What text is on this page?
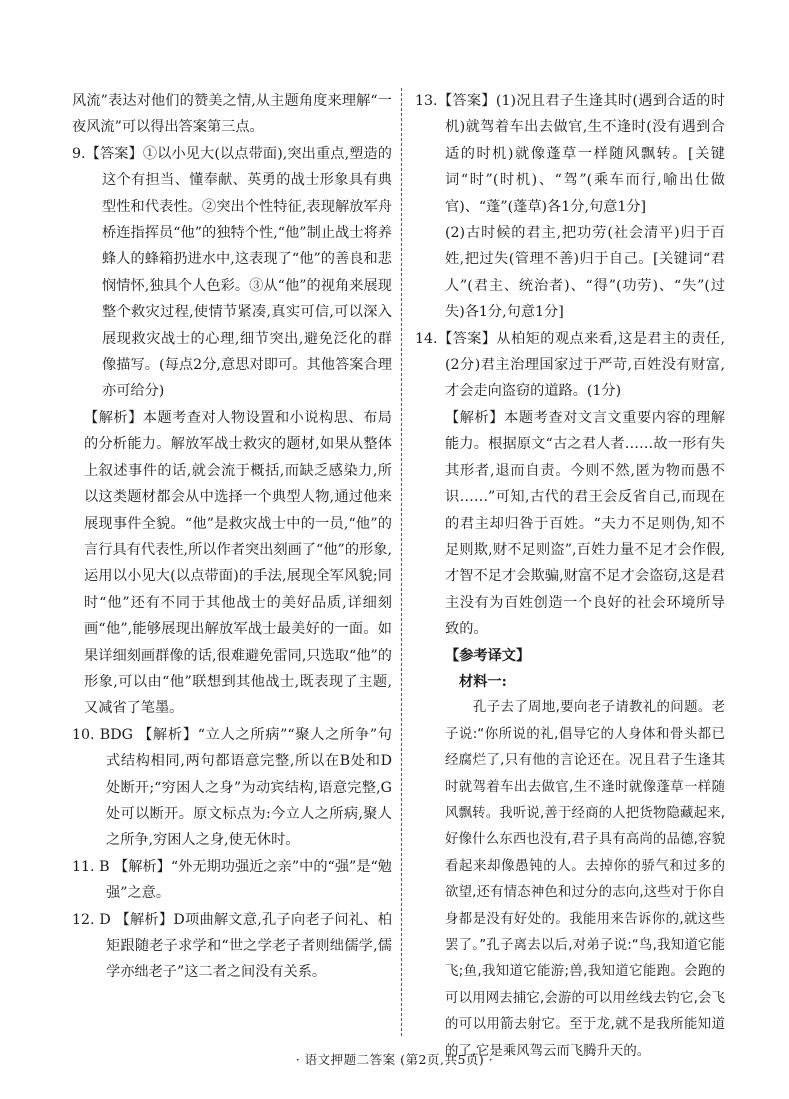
风流”表达对他们的赞美之情,从主题角度来理解“一夜风流”可以得出答案第三点。

9.【答案】①以小见大(以点带面),突出重点,塑造的这个有担当、懂奉献、英勇的战士形象具有典型性和代表性。②突出个性特征,表现解放军舟桥连指挥员“他”的独特个性,“他”制止战士将养蜂人的蜂箱扔进水中,这表现了“他”的善良和悲悯情怀,独具个人色彩。③从“他”的视角来展现整个救灾过程,使情节紧凑,真实可信,可以深入展现救灾战士的心理,细节突出,避免泛化的群像描写。(每点2分,意思对即可。其他答案合理亦可给分)

【解析】本题考查对人物设置和小说构思、布局的分析能力。解放军战士救灾的题材,如果从整体上叙述事件的话,就会流于概括,而缺乏感染力,所以这类题材都会从中选择一个典型人物,通过他来展现事件全貌。“他”是救灾战士中的一员,“他”的言行具有代表性,所以作者突出刻画了“他”的形象,运用以小见大(以点带面)的手法,展现全军风貌;同时“他”还有不同于其他战士的美好品质,详细刻画“他”,能够展现出解放军战士最美好的一面。如果详细刻画群像的话,很难避免雷同,只选取“他”的形象,可以由“他”联想到其他战士,既表现了主题,又减省了笔墨。

10. BDG 【解析】“立人之所病”“聚人之所争”句式结构相同,两句都语意完整,所以在B处和D处断开;“穷困人之身”为动宾结构,语意完整,G处可以断开。原文标点为:今立人之所病,聚人之所争,穷困人之身,使无休时。

11. B 【解析】“外无期功强近之亲”中的“强”是“勉强”之意。

12. D 【解析】D项曲解文意,孔子向老子问礼、柏矩跟随老子求学和“世之学老子者则绌儒学,儒学亦绌老子”这二者之间没有关系。

13.【答案】(1)况且君子生逢其时(遇到合适的时机)就驾着车出去做官,生不逢时(没有遇到合适的时机)就像蓬草一样随风飘转。[关键词“时”(时机)、“驾”(乘车而行,喻出仕做官)、“蓬”(蓬草)各1分,句意1分]

(2)古时候的君主,把功劳(社会清平)归于百姓,把过失(管理不善)归于自己。[关键词“君人”(君主、统治者)、“得”(功劳)、“失”(过失)各1分,句意1分]

14.【答案】从柏矩的观点来看,这是君主的责任,(2分)君主治理国家过于严苛,百姓没有财富,才会走向盗窃的道路。(1分)

【解析】本题考查对文言文重要内容的理解能力。根据原文“古之君人者……故一形有失其形者,退而自责。今则不然,匿为物而愚不识……”可知,古代的君王会反省自己,而现在的君主却归咎于百姓。“夫力不足则伪,知不足则欺,财不足则盗”,百姓力量不足才会作假,才智不足才会欺骗,财富不足才会盗窃,这是君主没有为百姓创造一个良好的社会环境所导致的。

【参考译文】

材料一:

孔子去了周地,要向老子请教礼的问题。老子说:“你所说的礼,倡导它的人身体和骨头都已经腐烂了,只有他的言论还在。况且君子生逢其时就驾着车出去做官,生不逢时就像蓬草一样随风飘转。我听说,善于经商的人把货物隐藏起来,好像什么东西也没有,君子具有高尚的品德,容貌看起来却像愚钝的人。去掉你的骄气和过多的欲望,还有情态神色和过分的志向,这些对于你自身都是没有好处的。我能用来告诉你的,就这些罢了。”孔子离去以后,对弟子说:“鸟,我知道它能飞;鱼,我知道它能游;兽,我知道它能跑。会跑的可以用网去捕它,会游的可以用丝线去钓它,会飞的可以用箭去射它。至于龙,就不是我所能知道的了,它是乘风驾云而飞腾升天的。

· 语文押题二答案 (第2页,共5页) ·
